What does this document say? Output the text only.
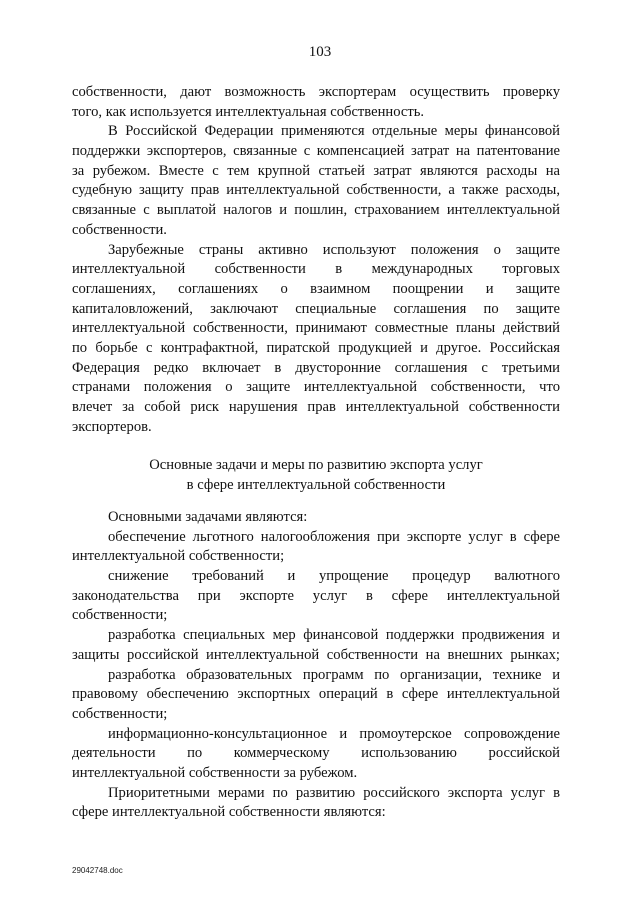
103
собственности, дают возможность экспортерам осуществить проверку
того, как используется интеллектуальная собственность.
В Российской Федерации применяются отдельные меры финансовой
поддержки экспортеров, связанные с компенсацией затрат на патентование
за рубежом. Вместе с тем крупной статьей затрат являются расходы на
судебную защиту прав интеллектуальной собственности, а также расходы,
связанные с выплатой налогов и пошлин, страхованием интеллектуальной
собственности.
Зарубежные страны активно используют положения о защите
интеллектуальной собственности в международных торговых
соглашениях, соглашениях о взаимном поощрении и защите
капиталовложений, заключают специальные соглашения по защите
интеллектуальной собственности, принимают совместные планы действий
по борьбе с контрафактной, пиратской продукцией и другое. Российская
Федерация редко включает в двусторонние соглашения с третьими
странами положения о защите интеллектуальной собственности, что
влечет за собой риск нарушения прав интеллектуальной собственности
экспортеров.
Основные задачи и меры по развитию экспорта услуг
в сфере интеллектуальной собственности
Основными задачами являются:
обеспечение льготного налогообложения при экспорте услуг в сфере
интеллектуальной собственности;
снижение требований и упрощение процедур валютного
законодательства при экспорте услуг в сфере интеллектуальной
собственности;
разработка специальных мер финансовой поддержки продвижения и
защиты российской интеллектуальной собственности на внешних рынках;
разработка образовательных программ по организации, технике и
правовому обеспечению экспортных операций в сфере интеллектуальной
собственности;
информационно-консультационное и промоутерское сопровождение
деятельности по коммерческому использованию российской
интеллектуальной собственности за рубежом.
Приоритетными мерами по развитию российского экспорта услуг в
сфере интеллектуальной собственности являются:
29042748.doc
